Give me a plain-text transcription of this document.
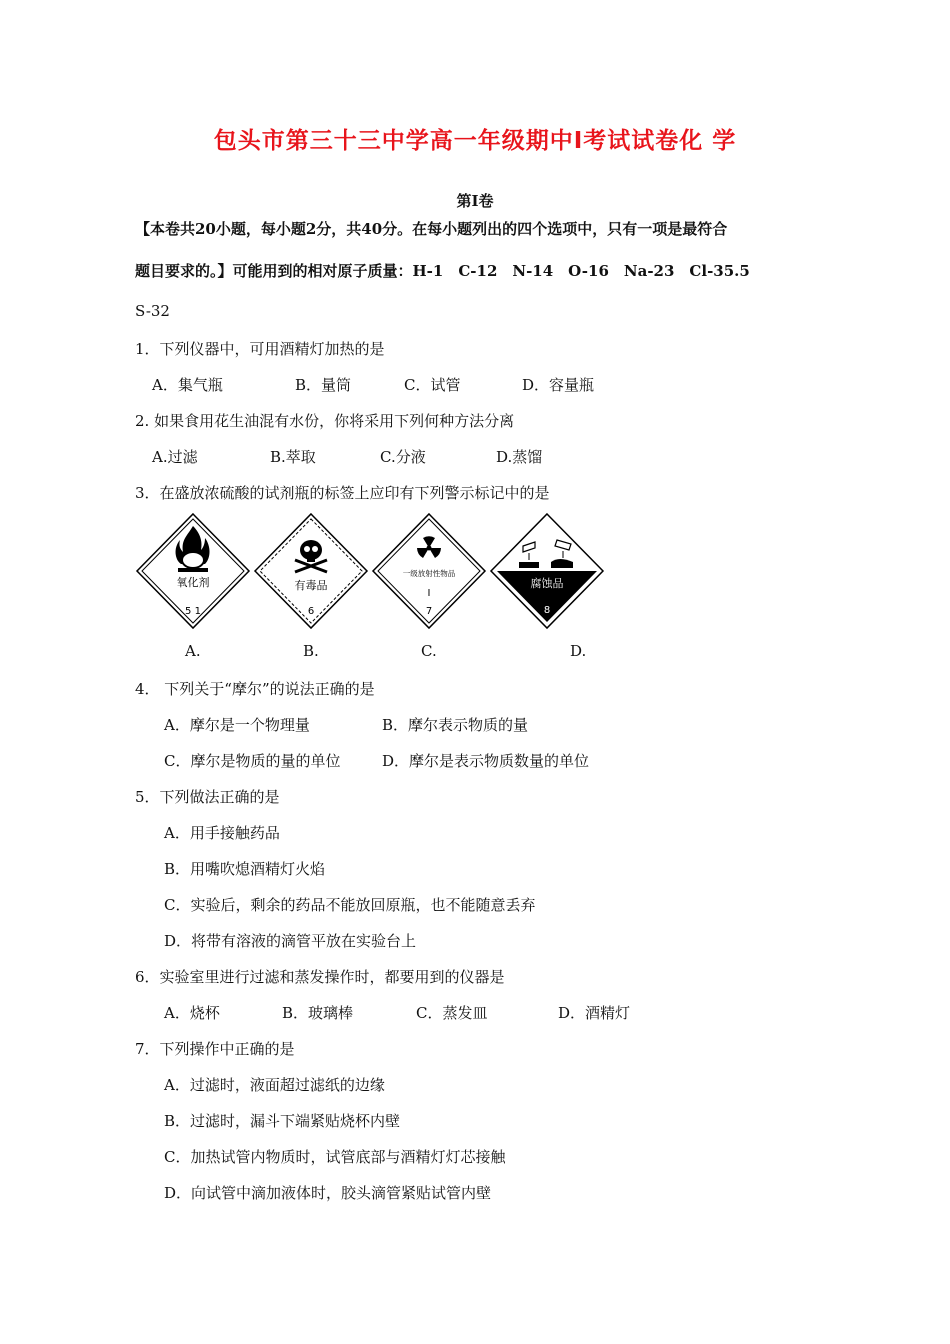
包头市第三十三中学高一年级期中I考试试卷化 学
第Ⅰ卷
【本卷共20小题，每小题2分，共40分。在每小题列出的四个选项中，只有一项是最符合
题目要求的。】可能用到的相对原子质量：H-1　C-12　N-14　O-16　Na-23　Cl-35.5
S-32
1．下列仪器中，可用酒精灯加热的是
A．集气瓶	B．量筒	C．试管	D．容量瓶
2. 如果食用花生油混有水份，你将采用下列何种方法分离
A.过滤	B.萃取	C.分液	D.蒸馏
3．在盛放浓硫酸的试剂瓶的标签上应印有下列警示标记中的是
氧化剂
5 1
有毒品
6
一级放射性物品
Ⅰ
7
腐蚀品
8
A.	B.	C.	D.
4． 下列关于“摩尔”的说法正确的是
A．摩尔是一个物理量	B．摩尔表示物质的量
C．摩尔是物质的量的单位	D．摩尔是表示物质数量的单位
5．下列做法正确的是
A．用手接触药品
B．用嘴吹熄酒精灯火焰
C．实验后，剩余的药品不能放回原瓶，也不能随意丢弃
D．将带有溶液的滴管平放在实验台上
6．实验室里进行过滤和蒸发操作时，都要用到的仪器是
A．烧杯	B．玻璃棒	C．蒸发皿	D．酒精灯
7．下列操作中正确的是
A．过滤时，液面超过滤纸的边缘
B．过滤时，漏斗下端紧贴烧杯内壁
C．加热试管内物质时，试管底部与酒精灯灯芯接触
D．向试管中滴加液体时，胶头滴管紧贴试管内壁
